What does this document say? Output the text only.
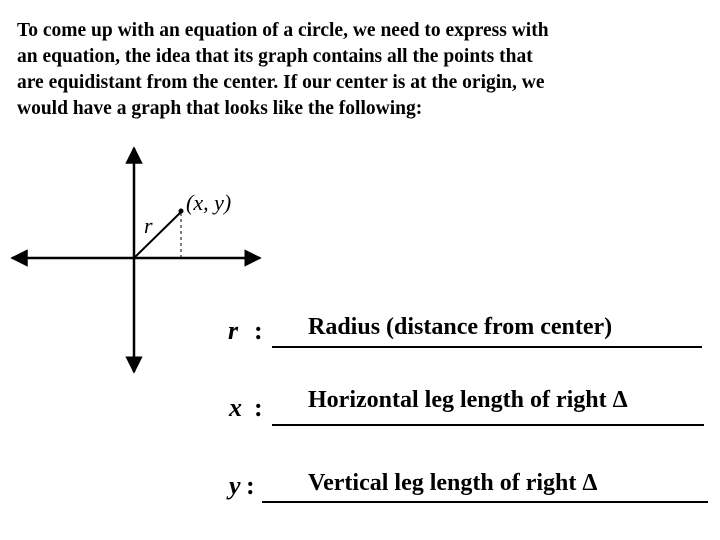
To come up with an equation of a circle, we need to express with
an equation, the idea that its graph contains all the points that
are equidistant from the center. If our center is at the origin, we
would have a graph that looks like the following:

(x, y)
r
r : Radius (distance from center)
x : Horizontal leg length of right Δ
y : Vertical leg length of right Δ
